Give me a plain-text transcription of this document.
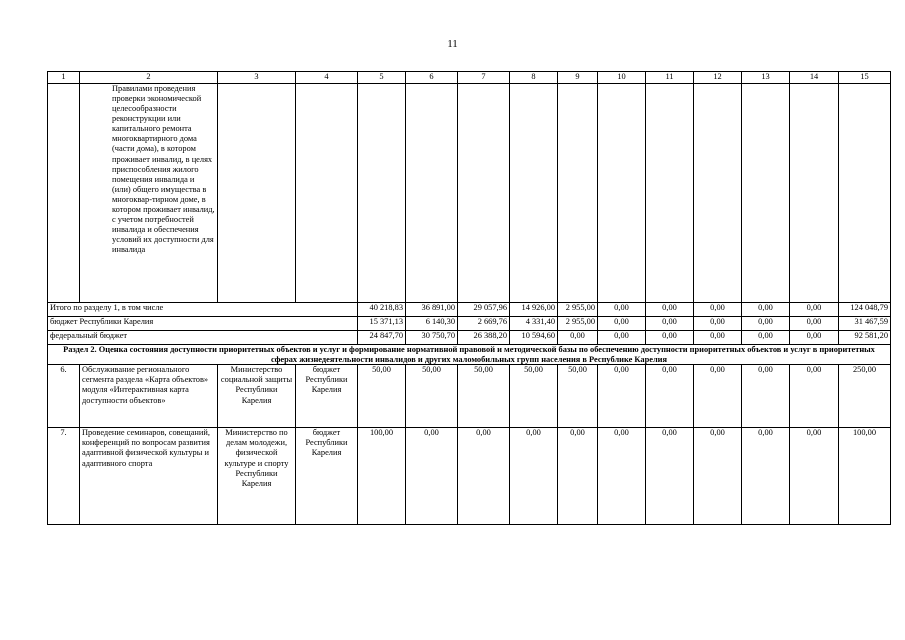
11
1	2	3	4	5	6	7	8	9	10	11	12	13	14	15
	Правилами проведения проверки экономической целесообразности реконструкции или капитального ремонта многоквартирного дома (части дома), в котором проживает инвалид, в целях приспособления жилого помещения инвалида и (или) общего имущества в многоквар-тирном доме, в котором проживает инвалид, с учетом потребностей инвалида и обеспечения условий их доступности для инвалида													
Итого по разделу 1, в том числе				40 218,83	36 891,00	29 057,96	14 926,00	2 955,00	0,00	0,00	0,00	0,00	0,00	124 048,79
бюджет Республики Карелия				15 371,13	6 140,30	2 669,76	4 331,40	2 955,00	0,00	0,00	0,00	0,00	0,00	31 467,59
федеральный бюджет				24 847,70	30 750,70	26 388,20	10 594,60	0,00	0,00	0,00	0,00	0,00	0,00	92 581,20
Раздел 2. Оценка состояния доступности приоритетных объектов и услуг и формирование нормативной правовой и методической базы по обеспечению доступности приоритетных объектов и услуг в приоритетных сферах жизнедеятельности инвалидов и других маломобильных групп населения в Республике Карелия														
6.	Обслуживание регионального сегмента раздела «Карта объектов» модуля «Интерактивная карта доступности объектов»	Министерство социальной защиты Республики Карелия	бюджет Республики Карелия	50,00	50,00	50,00	50,00	50,00	0,00	0,00	0,00	0,00	0,00	250,00
7.	Проведение семинаров, совещаний, конференций по вопросам развития адаптивной физической культуры и адаптивного спорта	Министерство по делам молодежи, физической культуре и спорту Республики Карелия	бюджет Республики Карелия	100,00	0,00	0,00	0,00	0,00	0,00	0,00	0,00	0,00	0,00	100,00
